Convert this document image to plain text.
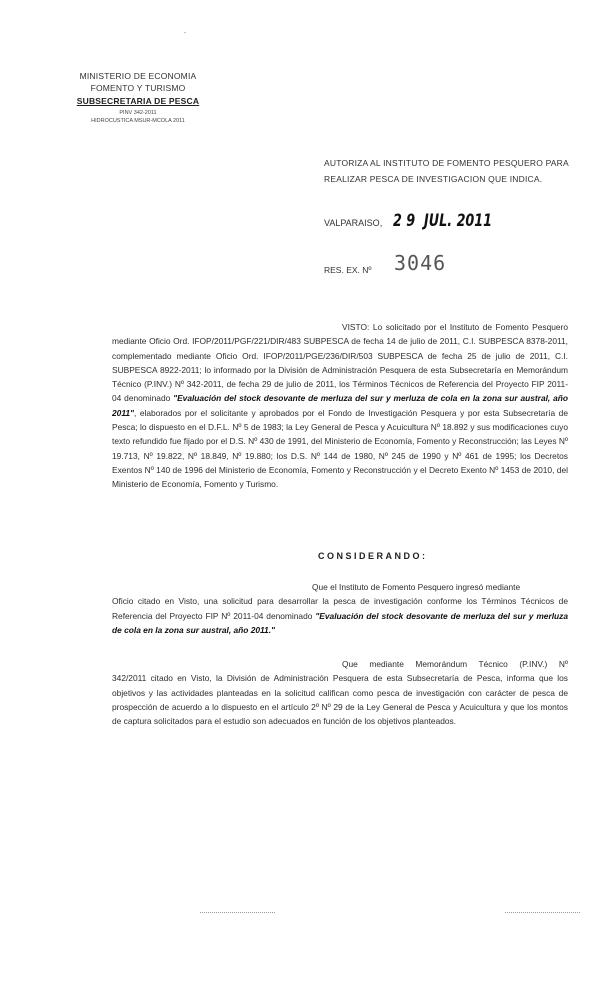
-
MINISTERIO DE ECONOMIA
FOMENTO Y TURISMO
SUBSECRETARIA DE PESCA
PINV 342-2011
HIDROCUSTICA MSUR-MCOLA 2011
AUTORIZA AL INSTITUTO DE FOMENTO PESQUERO PARA
REALIZAR PESCA DE INVESTIGACION QUE INDICA.
VALPARAISO, 2 9  JUL. 2011
RES. EX. Nº 3046
VISTO: Lo solicitado por el Instituto de Fomento Pesquero mediante Oficio Ord. IFOP/2011/PGF/221/DIR/483 SUBPESCA de fecha 14 de julio de 2011, C.I. SUBPESCA 8378-2011, complementado mediante Oficio Ord. IFOP/2011/PGE/236/DIR/503 SUBPESCA de fecha 25 de julio de 2011, C.I. SUBPESCA 8922-2011; lo informado por la División de Administración Pesquera de esta Subsecretaría en Memorándum Técnico (P.INV.) Nº 342-2011, de fecha 29 de julio de 2011, los Términos Técnicos de Referencia del Proyecto FIP 2011-04 denominado "Evaluación del stock desovante de merluza del sur y merluza de cola en la zona sur austral, año 2011", elaborados por el solicitante y aprobados por el Fondo de Investigación Pesquera y por esta Subsecretaría de Pesca; lo dispuesto en el D.F.L. Nº 5 de 1983; la Ley General de Pesca y Acuicultura Nº 18.892 y sus modificaciones cuyo texto refundido fue fijado por el D.S. Nº 430 de 1991, del Ministerio de Economía, Fomento y Reconstrucción; las Leyes Nº 19.713, Nº 19.822, Nº 18.849, Nº 19.880; los D.S. Nº 144 de 1980, Nº 245 de 1990 y Nº 461 de 1995; los Decretos Exentos Nº 140 de 1996 del Ministerio de Economía, Fomento y Reconstrucción y el Decreto Exento Nº 1453 de 2010, del Ministerio de Economía, Fomento y Turismo.
CONSIDERANDO:
Que el Instituto de Fomento Pesquero ingresó mediante
Oficio citado en Visto, una solicitud para desarrollar la pesca de investigación conforme los Términos Técnicos de Referencia del Proyecto FIP Nº 2011-04 denominado "Evaluación del stock desovante de merluza del sur y merluza de cola en la zona sur austral, año 2011."
Que mediante Memorándum Técnico (P.INV.) Nº
342/2011 citado en Visto, la División de Administración Pesquera de esta Subsecretaría de Pesca, informa que los objetivos y las actividades planteadas en la solicitud califican como pesca de investigación con carácter de pesca de prospección de acuerdo a lo dispuesto en el artículo 2º Nº 29 de la Ley General de Pesca y Acuicultura y que los montos de captura solicitados para el estudio son adecuados en función de los objetivos planteados.
